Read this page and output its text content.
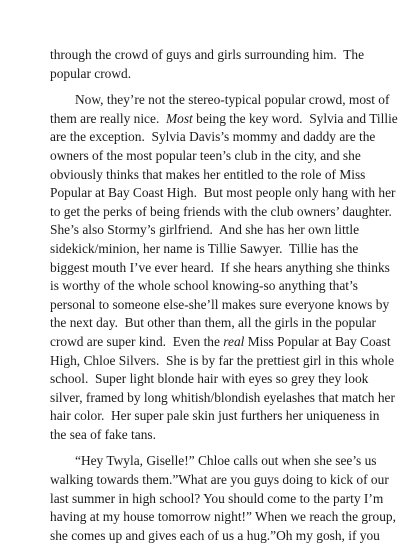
through the crowd of guys and girls surrounding him.  The
popular crowd.
Now, they’re not the stereo-typical popular crowd, most of
them are really nice.  Most being the key word.  Sylvia and Tillie
are the exception.  Sylvia Davis’s mommy and daddy are the
owners of the most popular teen’s club in the city, and she
obviously thinks that makes her entitled to the role of Miss
Popular at Bay Coast High.  But most people only hang with her
to get the perks of being friends with the club owners’ daughter.
She’s also Stormy’s girlfriend.  And she has her own little
sidekick/minion, her name is Tillie Sawyer.  Tillie has the
biggest mouth I’ve ever heard.  If she hears anything she thinks
is worthy of the whole school knowing-so anything that’s
personal to someone else-she’ll makes sure everyone knows by
the next day.  But other than them, all the girls in the popular
crowd are super kind.  Even the real Miss Popular at Bay Coast
High, Chloe Silvers.  She is by far the prettiest girl in this whole
school.  Super light blonde hair with eyes so grey they look
silver, framed by long whitish/blondish eyelashes that match her
hair color.  Her super pale skin just furthers her uniqueness in
the sea of fake tans.
“Hey Twyla, Giselle!” Chloe calls out when she see’s us
walking towards them.”What are you guys doing to kick of our
last summer in high school? You should come to the party I’m
having at my house tomorrow night!” When we reach the group,
she comes up and gives each of us a hug.”Oh my gosh, if you
